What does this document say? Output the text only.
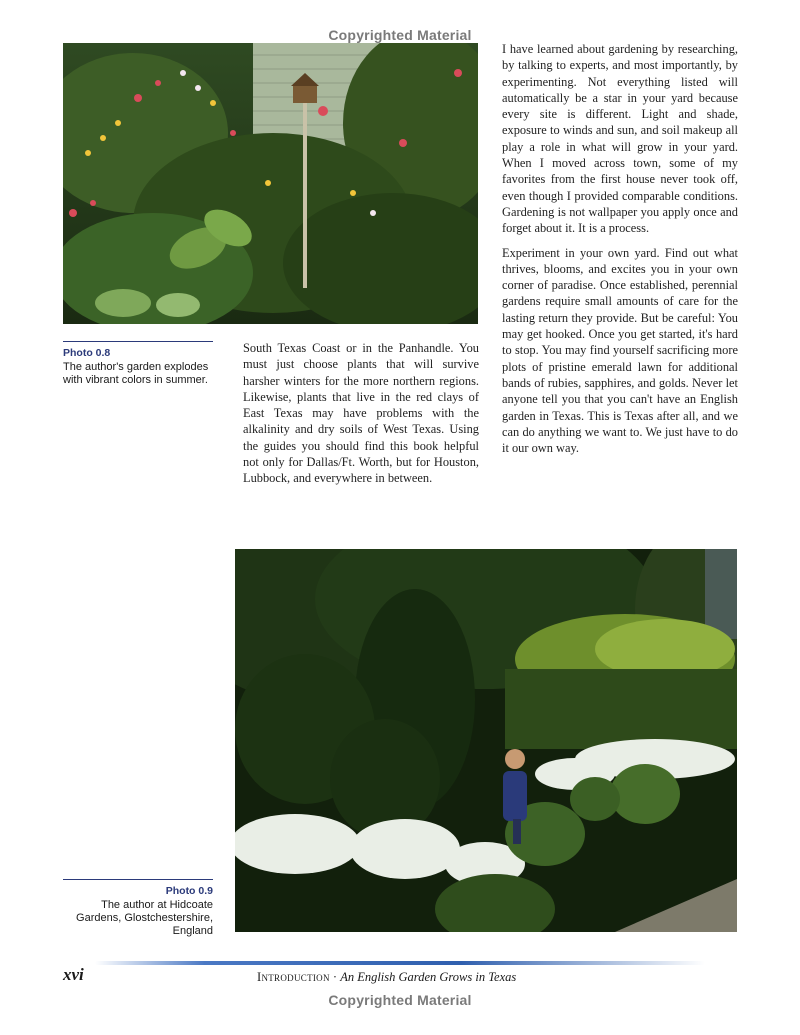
Copyrighted Material
Photo 0.8
The author's garden explodes with vibrant colors in summer.

I have learned about gardening by researching, by talking to experts, and most importantly, by experimenting. Not everything listed will automatically be a star in your yard because every site is different. Light and shade, exposure to winds and sun, and soil makeup all play a role in what will grow in your yard. When I moved across town, some of my favorites from the first house never took off, even though I provided comparable conditions. Gardening is not wallpaper you apply once and forget about it. It is a process.

Experiment in your own yard. Find out what thrives, blooms, and excites you in your own corner of paradise. Once established, perennial gardens require small amounts of care for the lasting return they provide. But be careful: You may get hooked. Once you get started, it's hard to stop. You may find yourself sacrificing more plots of pristine emerald lawn for additional bands of rubies, sapphires, and golds. Never let anyone tell you that you can't have an English garden in Texas. This is Texas after all, and we can do anything we want to. We just have to do it our own way.

South Texas Coast or in the Panhandle. You must just choose plants that will survive harsher winters for the more northern regions. Likewise, plants that live in the red clays of East Texas may have problems with the alkalinity and dry soils of West Texas. Using the guides you should find this book helpful not only for Dallas/Ft. Worth, but for Houston, Lubbock, and everywhere in between.

Photo 0.9
The author at Hidcoate Gardens, Glostchestershire, England
xvi	Introduction · An English Garden Grows in Texas
Copyrighted Material
